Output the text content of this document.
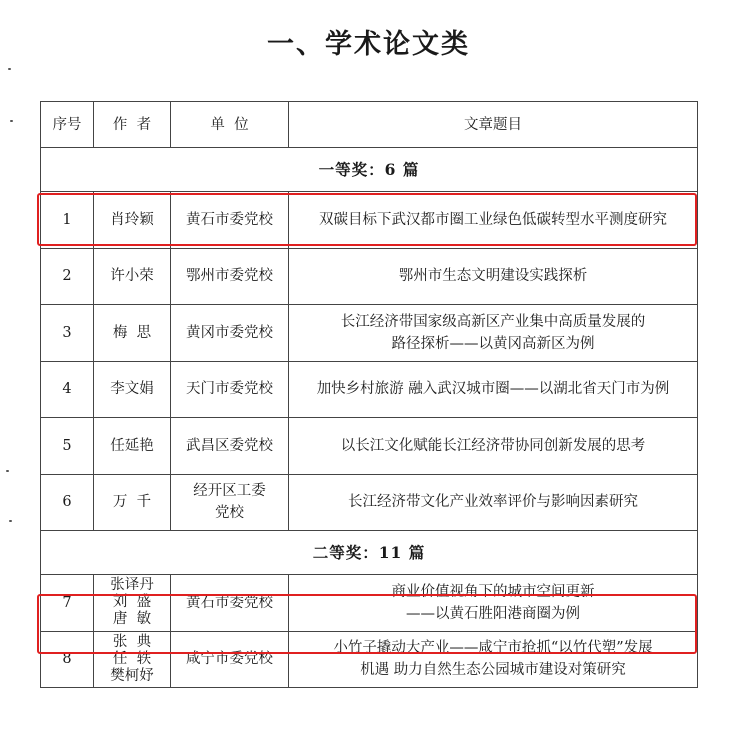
一、学术论文类
序号	作  者	单  位	文章题目
一等奖：6 篇			
1	肖玲颖	黄石市委党校	双碳目标下武汉都市圈工业绿色低碳转型水平测度研究
2	许小荣	鄂州市委党校	鄂州市生态文明建设实践探析
3	梅  思	黄冈市委党校	长江经济带国家级高新区产业集中高质量发展的
路径探析——以黄冈高新区为例
4	李文娟	天门市委党校	加快乡村旅游 融入武汉城市圈——以湖北省天门市为例
5	任延艳	武昌区委党校	以长江文化赋能长江经济带协同创新发展的思考
6	万  千	经开区工委
党校	长江经济带文化产业效率评价与影响因素研究
二等奖：11 篇			
7	张译丹
刘  盛
唐  敏	黄石市委党校	商业价值视角下的城市空间更新
——以黄石胜阳港商圈为例
8	张  典
任  轶
樊柯妤	咸宁市委党校	小竹子撬动大产业——咸宁市抢抓“以竹代塑”发展
机遇 助力自然生态公园城市建设对策研究
